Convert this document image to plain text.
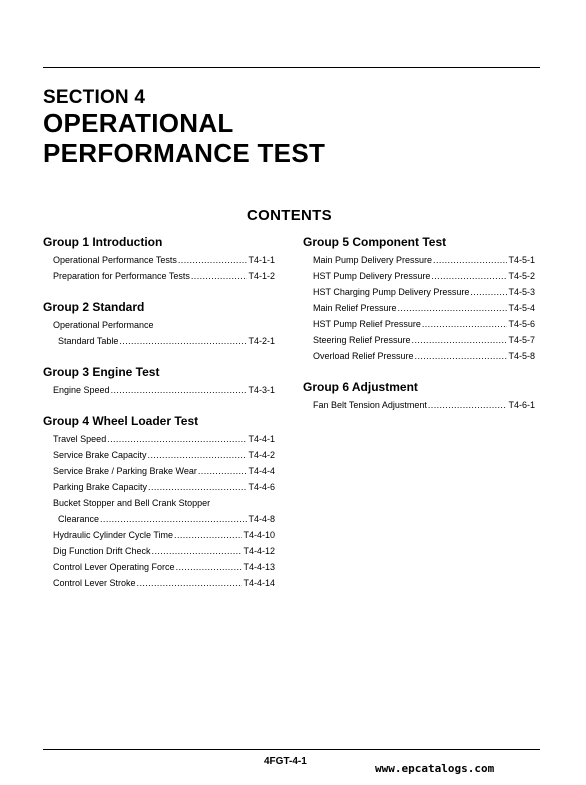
SECTION 4
OPERATIONAL
PERFORMANCE TEST
CONTENTS
Group 1 Introduction
Operational Performance Tests .....	T4-1-1
Preparation for Performance Tests .....	T4-1-2
Group 2 Standard
Operational Performance
Standard Table .....	T4-2-1
Group 3 Engine Test
Engine Speed .....	T4-3-1
Group 4 Wheel Loader Test
Travel Speed .....	T4-4-1
Service Brake Capacity .....	T4-4-2
Service Brake / Parking Brake Wear .....	T4-4-4
Parking Brake Capacity .....	T4-4-6
Bucket Stopper and Bell Crank Stopper
Clearance .....	T4-4-8
Hydraulic Cylinder Cycle Time .....	T4-4-10
Dig Function Drift Check .....	T4-4-12
Control Lever Operating Force .....	T4-4-13
Control Lever Stroke .....	T4-4-14
Group 5 Component Test
Main Pump Delivery Pressure .....	T4-5-1
HST Pump Delivery Pressure .....	T4-5-2
HST Charging Pump Delivery Pressure .....	T4-5-3
Main Relief Pressure .....	T4-5-4
HST Pump Relief Pressure .....	T4-5-6
Steering Relief Pressure .....	T4-5-7
Overload Relief Pressure .....	T4-5-8
Group 6 Adjustment
Fan Belt Tension Adjustment .....	T4-6-1
4FGT-4-1
www.epcatalogs.com
